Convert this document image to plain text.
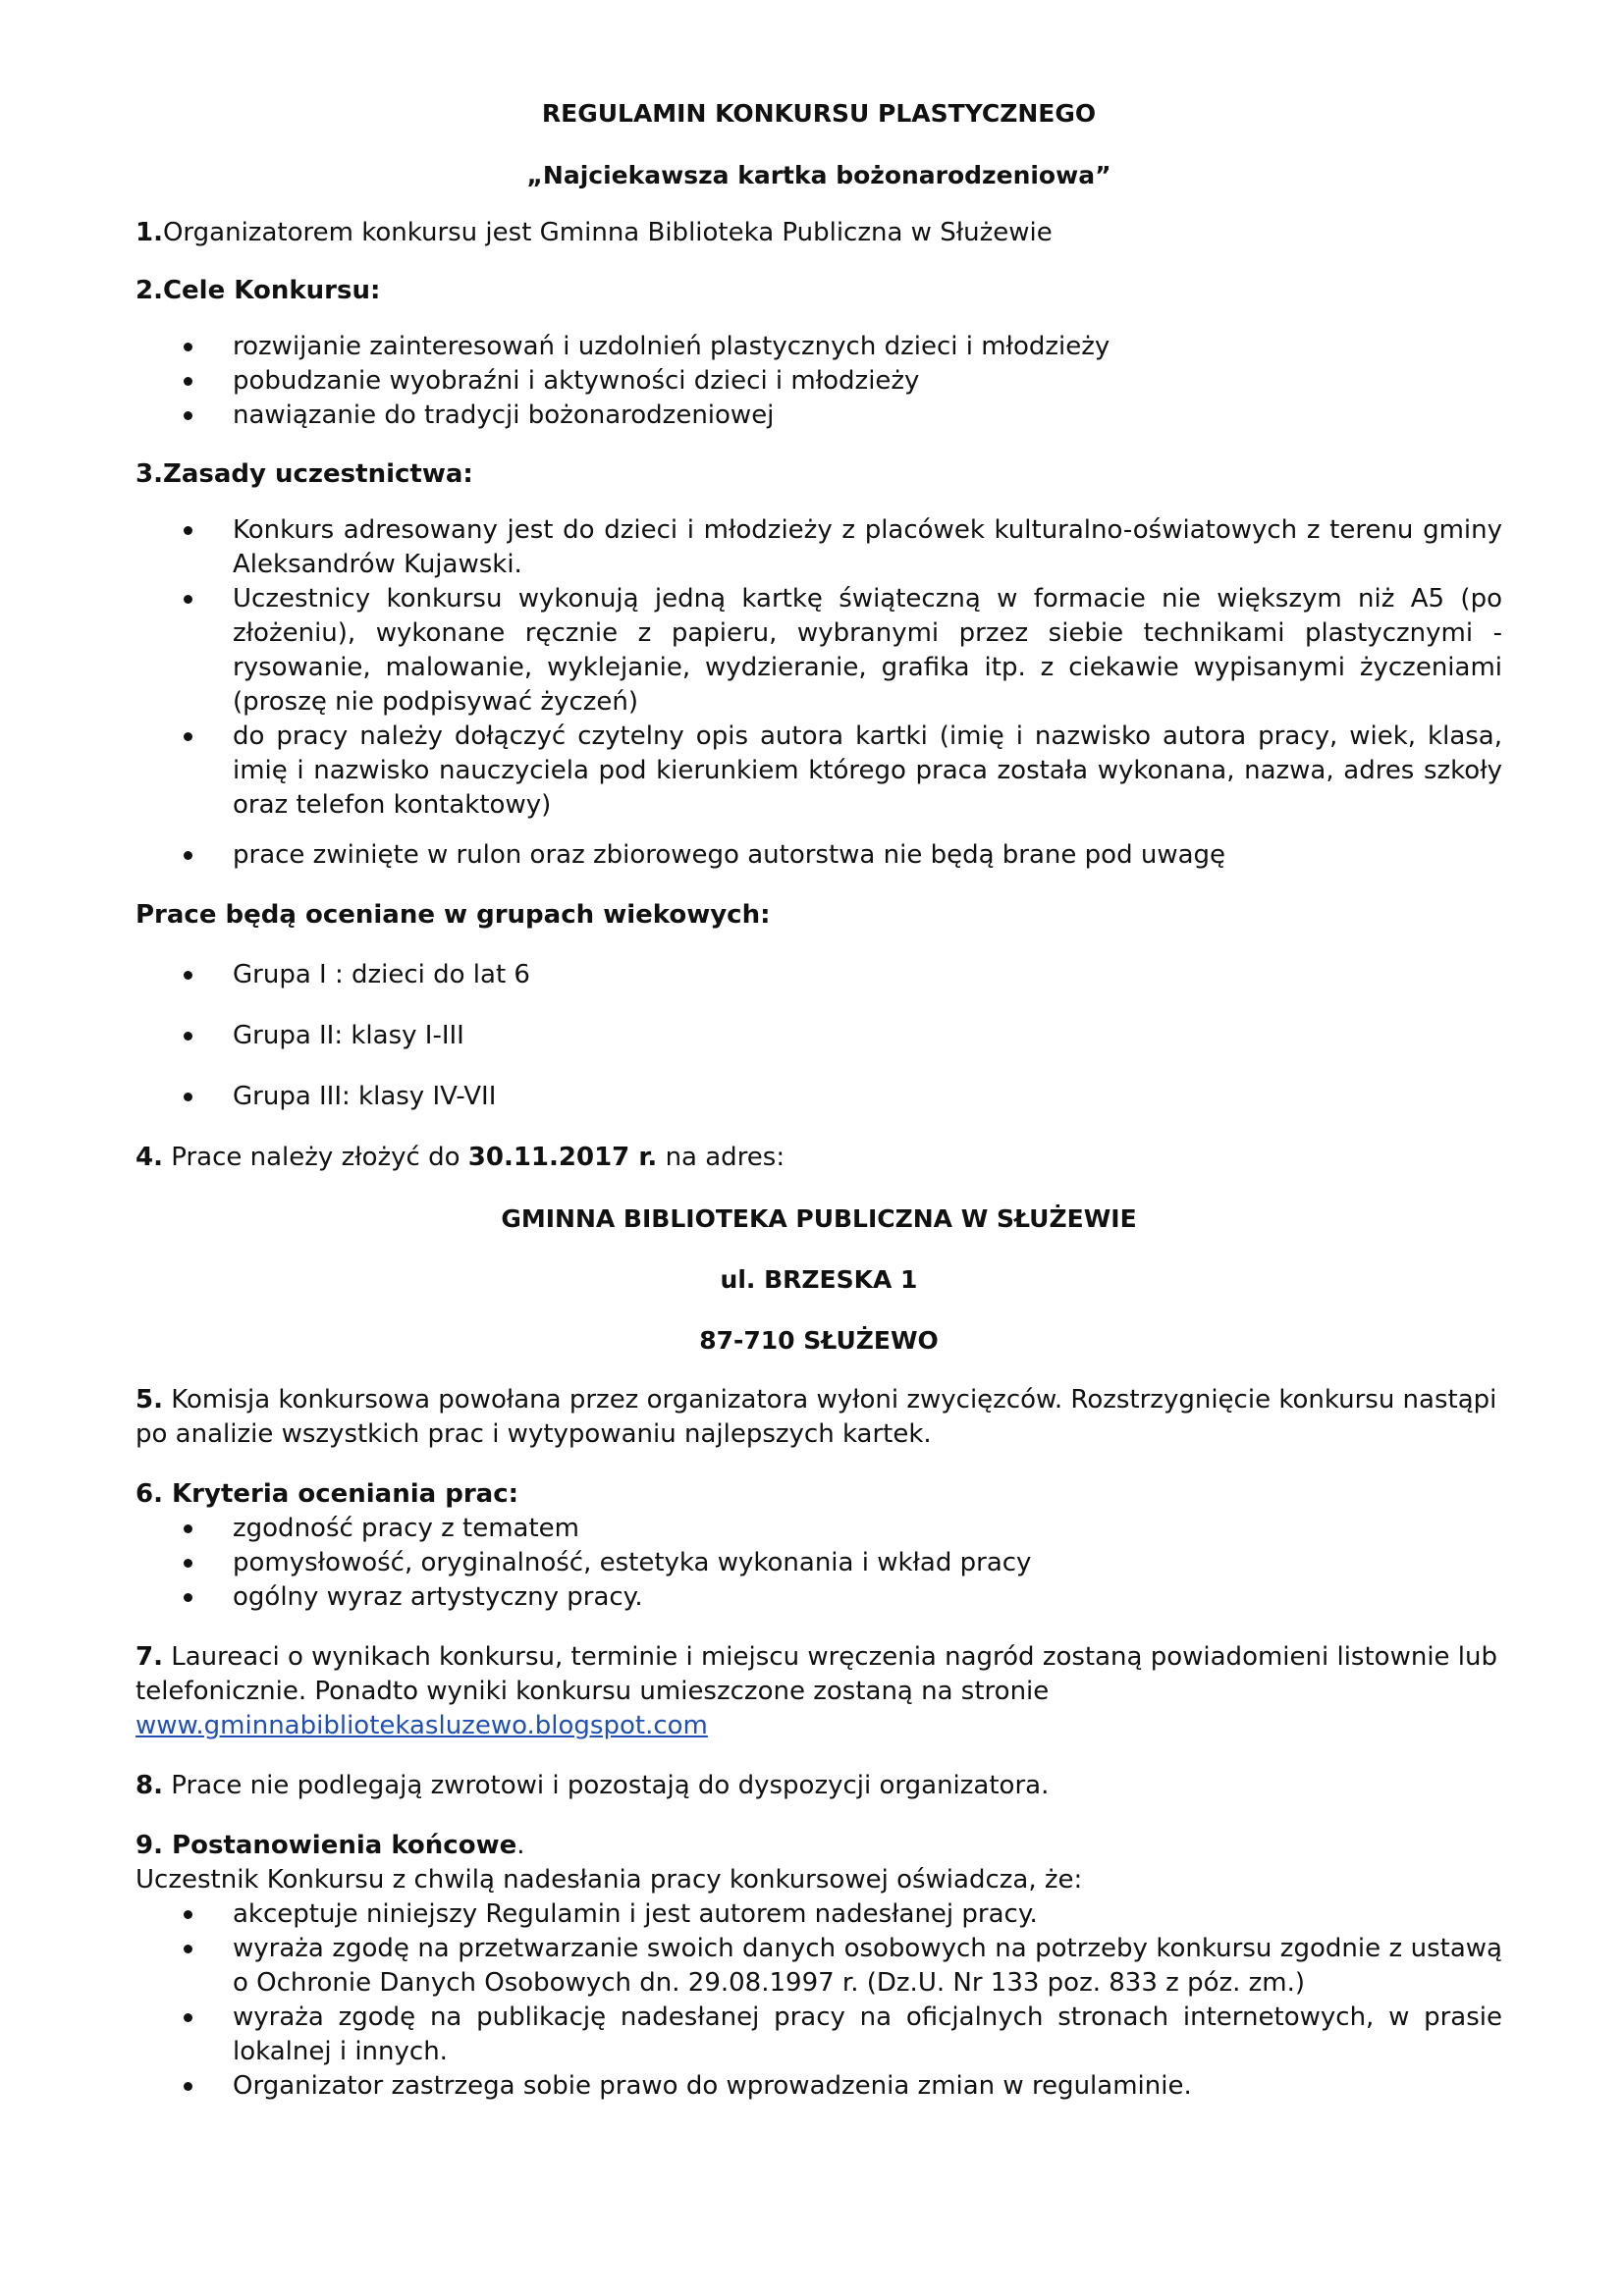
REGULAMIN KONKURSU PLASTYCZNEGO

„Najciekawsza kartka bożonarodzeniowa”

1.Organizatorem konkursu jest Gminna Biblioteka Publiczna w Służewie

2.Cele Konkursu:

rozwijanie zainteresowań i uzdolnień plastycznych dzieci i młodzieży
pobudzanie wyobraźni i aktywności dzieci i młodzieży
nawiązanie do tradycji bożonarodzeniowej

3.Zasady uczestnictwa:

Konkurs adresowany jest do dzieci i młodzieży z placówek kulturalno-oświatowych z terenu gminy Aleksandrów Kujawski.
Uczestnicy konkursu wykonują jedną kartkę świąteczną w formacie nie większym niż A5 (po złożeniu), wykonane ręcznie z papieru, wybranymi przez siebie technikami plastycznymi - rysowanie, malowanie, wyklejanie, wydzieranie, grafika itp. z ciekawie wypisanymi życzeniami (proszę nie podpisywać życzeń)
do pracy należy dołączyć czytelny opis autora kartki (imię i nazwisko autora pracy, wiek, klasa, imię i nazwisko nauczyciela pod kierunkiem którego praca została wykonana, nazwa, adres szkoły oraz telefon kontaktowy)
prace zwinięte w rulon oraz zbiorowego autorstwa nie będą brane pod uwagę

Prace będą oceniane w grupach wiekowych:

Grupa I : dzieci do lat 6
Grupa II: klasy I-III
Grupa III: klasy IV-VII

4. Prace należy złożyć do 30.11.2017 r. na adres:

GMINNA BIBLIOTEKA PUBLICZNA W SŁUŻEWIE

ul. BRZESKA 1

87-710 SŁUŻEWO

5. Komisja konkursowa powołana przez organizatora wyłoni zwycięzców. Rozstrzygnięcie konkursu nastąpi po analizie wszystkich prac i wytypowaniu najlepszych kartek.

6. Kryteria oceniania prac:

zgodność pracy z tematem
pomysłowość, oryginalność, estetyka wykonania i wkład pracy
ogólny wyraz artystyczny pracy.

7. Laureaci o wynikach konkursu, terminie i miejscu wręczenia nagród zostaną powiadomieni listownie lub telefonicznie. Ponadto wyniki konkursu umieszczone zostaną na stronie
www.gminnabibliotekasluzewo.blogspot.com

8. Prace nie podlegają zwrotowi i pozostają do dyspozycji organizatora.

9. Postanowienia końcowe.

Uczestnik Konkursu z chwilą nadesłania pracy konkursowej oświadcza, że:

akceptuje niniejszy Regulamin i jest autorem nadesłanej pracy.
wyraża zgodę na przetwarzanie swoich danych osobowych na potrzeby konkursu zgodnie z ustawą o Ochronie Danych Osobowych dn. 29.08.1997 r. (Dz.U. Nr 133 poz. 833 z póz. zm.)
wyraża zgodę na publikację nadesłanej pracy na oficjalnych stronach internetowych, w prasie lokalnej i innych.
Organizator zastrzega sobie prawo do wprowadzenia zmian w regulaminie.
